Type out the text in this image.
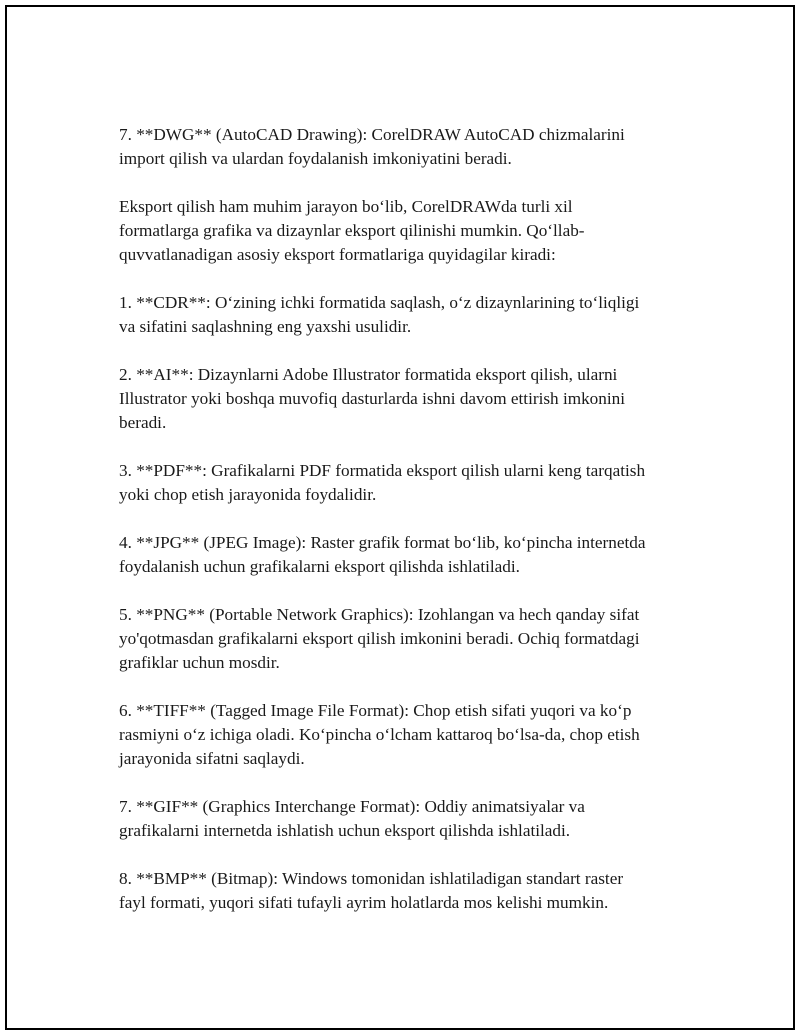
7. **DWG** (AutoCAD Drawing): CorelDRAW AutoCAD chizmalarini
import qilish va ulardan foydalanish imkoniyatini beradi.

Eksport qilish ham muhim jarayon bo‘lib, CorelDRAWda turli xil
formatlarga grafika va dizaynlar eksport qilinishi mumkin. Qo‘llab-
quvvatlanadigan asosiy eksport formatlariga quyidagilar kiradi:

1. **CDR**: O‘zining ichki formatida saqlash, o‘z dizaynlarining to‘liqligi
va sifatini saqlashning eng yaxshi usulidir.

2. **AI**: Dizaynlarni Adobe Illustrator formatida eksport qilish, ularni
Illustrator yoki boshqa muvofiq dasturlarda ishni davom ettirish imkonini
beradi.

3. **PDF**: Grafikalarni PDF formatida eksport qilish ularni keng tarqatish
yoki chop etish jarayonida foydalidir.

4. **JPG** (JPEG Image): Raster grafik format bo‘lib, ko‘pincha internetda
foydalanish uchun grafikalarni eksport qilishda ishlatiladi.

5. **PNG** (Portable Network Graphics): Izohlangan va hech qanday sifat
yo'qotmasdan grafikalarni eksport qilish imkonini beradi. Ochiq formatdagi
grafiklar uchun mosdir.

6. **TIFF** (Tagged Image File Format): Chop etish sifati yuqori va ko‘p
rasmiyni o‘z ichiga oladi. Ko‘pincha o‘lcham kattaroq bo‘lsa-da, chop etish
jarayonida sifatni saqlaydi.

7. **GIF** (Graphics Interchange Format): Oddiy animatsiyalar va
grafikalarni internetda ishlatish uchun eksport qilishda ishlatiladi.

8. **BMP** (Bitmap): Windows tomonidan ishlatiladigan standart raster
fayl formati, yuqori sifati tufayli ayrim holatlarda mos kelishi mumkin.
